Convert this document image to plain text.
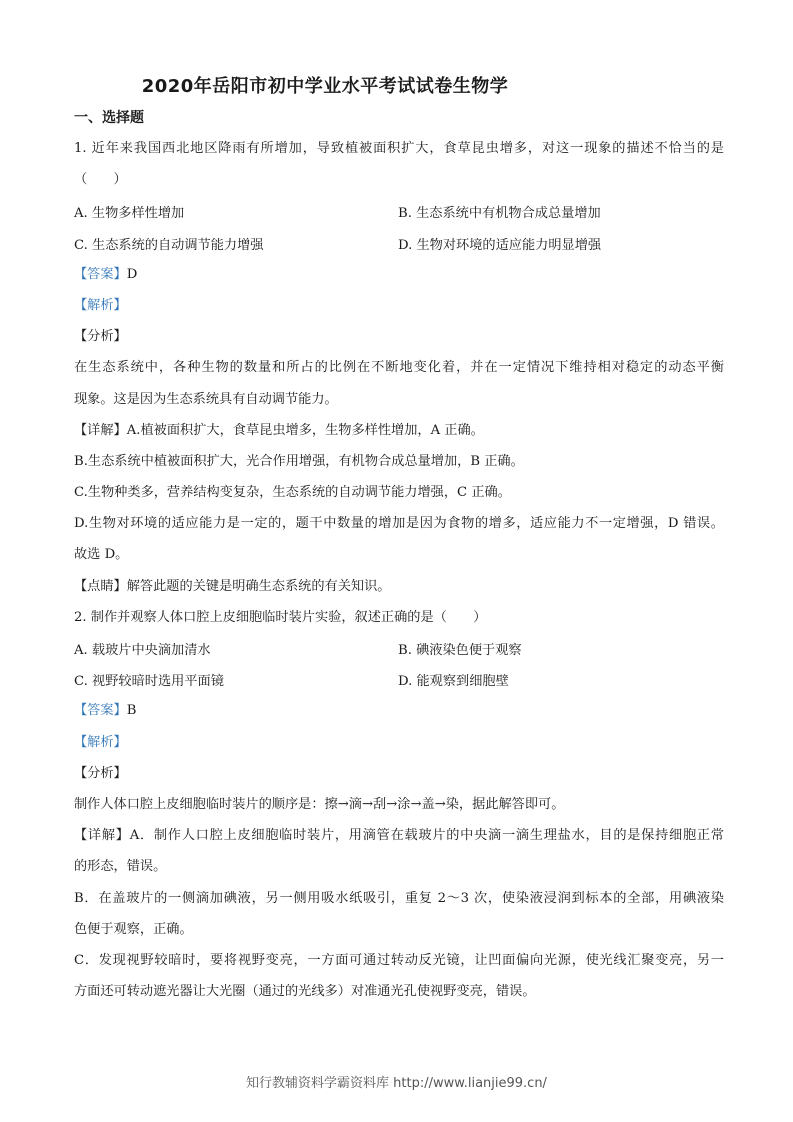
2020年岳阳市初中学业水平考试试卷生物学
一、选择题
1. 近年来我国西北地区降雨有所增加，导致植被面积扩大，食草昆虫增多，对这一现象的描述不恰当的是
（　　）
A. 生物多样性增加	B. 生态系统中有机物合成总量增加
C. 生态系统的自动调节能力增强	D. 生物对环境的适应能力明显增强
【答案】D
【解析】
【分析】
在生态系统中，各种生物的数量和所占的比例在不断地变化着，并在一定情况下维持相对稳定的动态平衡
现象。这是因为生态系统具有自动调节能力。
【详解】A.植被面积扩大，食草昆虫增多，生物多样性增加，A 正确。
B.生态系统中植被面积扩大，光合作用增强，有机物合成总量增加，B 正确。
C.生物种类多，营养结构变复杂，生态系统的自动调节能力增强，C 正确。
D.生物对环境的适应能力是一定的，题干中数量的增加是因为食物的增多，适应能力不一定增强，D 错误。
故选 D。
【点睛】解答此题的关键是明确生态系统的有关知识。
2. 制作并观察人体口腔上皮细胞临时装片实验，叙述正确的是（　　）
A. 载玻片中央滴加清水	B. 碘液染色便于观察
C. 视野较暗时选用平面镜	D. 能观察到细胞壁
【答案】B
【解析】
【分析】
制作人体口腔上皮细胞临时装片的顺序是：擦→滴→刮→涂→盖→染，据此解答即可。
【详解】A．制作人口腔上皮细胞临时装片，用滴管在载玻片的中央滴一滴生理盐水，目的是保持细胞正常
的形态，错误。
B．在盖玻片的一侧滴加碘液，另一侧用吸水纸吸引，重复 2～3 次，使染液浸润到标本的全部，用碘液染
色便于观察，正确。
C．发现视野较暗时，要将视野变亮，一方面可通过转动反光镜，让凹面偏向光源，使光线汇聚变亮，另一
方面还可转动遮光器让大光圈（通过的光线多）对准通光孔使视野变亮，错误。
知行教辅资料学霸资料库 http://www.lianjie99.cn/
